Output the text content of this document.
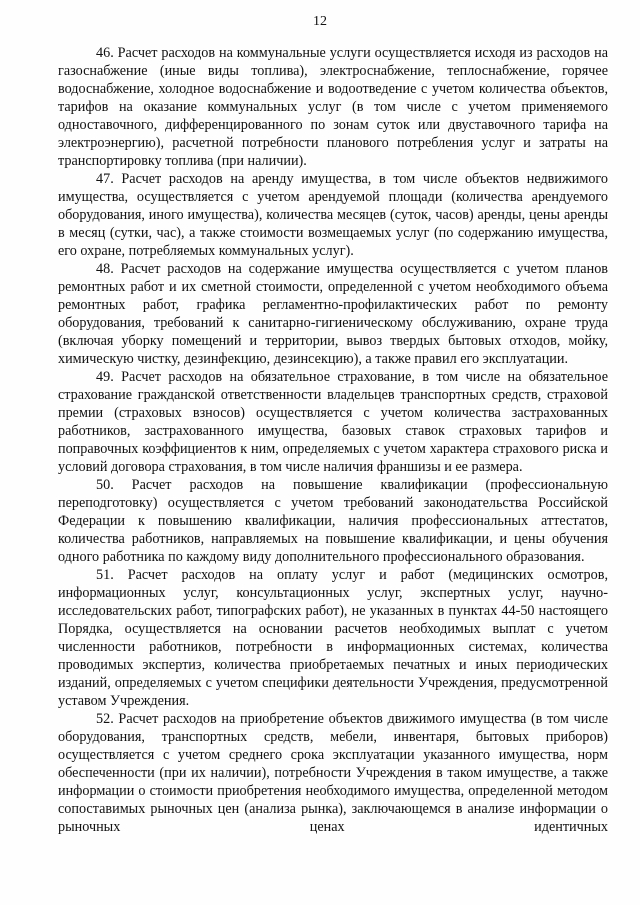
12

46. Расчет расходов на коммунальные услуги осуществляется исходя из расходов на газоснабжение (иные виды топлива), электроснабжение, теплоснабжение, горячее водоснабжение, холодное водоснабжение и водоотведение с учетом количества объектов, тарифов на оказание коммунальных услуг (в том числе с учетом применяемого одноставочного, дифференцированного по зонам суток или двуставочного тарифа на электроэнергию), расчетной потребности планового потребления услуг и затраты на транспортировку топлива (при наличии).

47. Расчет расходов на аренду имущества, в том числе объектов недвижимого имущества, осуществляется с учетом арендуемой площади (количества арендуемого оборудования, иного имущества), количества месяцев (суток, часов) аренды, цены аренды в месяц (сутки, час), а также стоимости возмещаемых услуг (по содержанию имущества, его охране, потребляемых коммунальных услуг).

48. Расчет расходов на содержание имущества осуществляется с учетом планов ремонтных работ и их сметной стоимости, определенной с учетом необходимого объема ремонтных работ, графика регламентно-профилактических работ по ремонту оборудования, требований к санитарно-гигиеническому обслуживанию, охране труда (включая уборку помещений и территории, вывоз твердых бытовых отходов, мойку, химическую чистку, дезинфекцию, дезинсекцию), а также правил его эксплуатации.

49. Расчет расходов на обязательное страхование, в том числе на обязательное страхование гражданской ответственности владельцев транспортных средств, страховой премии (страховых взносов) осуществляется с учетом количества застрахованных работников, застрахованного имущества, базовых ставок страховых тарифов и поправочных коэффициентов к ним, определяемых с учетом характера страхового риска и условий договора страхования, в том числе наличия франшизы и ее размера.

50. Расчет расходов на повышение квалификации (профессиональную переподготовку) осуществляется с учетом требований законодательства Российской Федерации к повышению квалификации, наличия профессиональных аттестатов, количества работников, направляемых на повышение квалификации, и цены обучения одного работника по каждому виду дополнительного профессионального образования.

51. Расчет расходов на оплату услуг и работ (медицинских осмотров, информационных услуг, консультационных услуг, экспертных услуг, научно-исследовательских работ, типографских работ), не указанных в пунктах 44-50 настоящего Порядка, осуществляется на основании расчетов необходимых выплат с учетом численности работников, потребности в информационных системах, количества проводимых экспертиз, количества приобретаемых печатных и иных периодических изданий, определяемых с учетом специфики деятельности Учреждения, предусмотренной уставом Учреждения.

52. Расчет расходов на приобретение объектов движимого имущества (в том числе оборудования, транспортных средств, мебели, инвентаря, бытовых приборов) осуществляется с учетом среднего срока эксплуатации указанного имущества, норм обеспеченности (при их наличии), потребности Учреждения в таком имуществе, а также информации о стоимости приобретения необходимого имущества, определенной методом сопоставимых рыночных цен (анализа рынка), заключающемся в анализе информации о рыночных ценах идентичных
